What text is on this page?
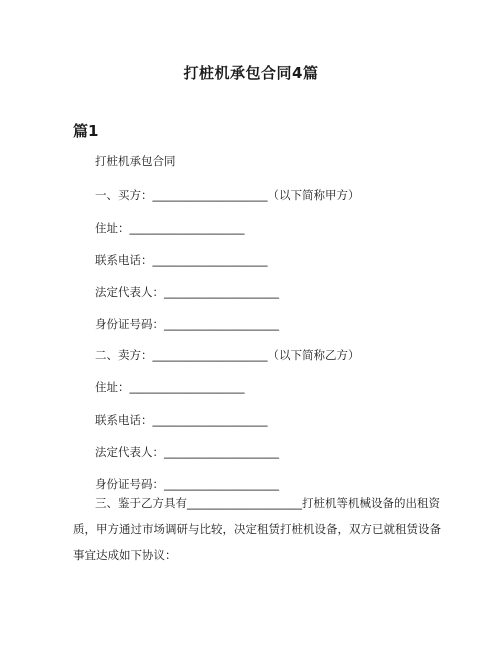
打桩机承包合同4篇
篇1
打桩机承包合同
一、买方：____________________（以下简称甲方）
住址：____________________
联系电话：____________________
法定代表人：____________________
身份证号码：____________________
二、卖方：____________________（以下简称乙方）
住址：____________________
联系电话：____________________
法定代表人：____________________
身份证号码：____________________
三、鉴于乙方具有____________________打桩机等机械设备的出租资质，甲方通过市场调研与比较，决定租赁打桩机设备，双方已就租赁设备事宜达成如下协议：
